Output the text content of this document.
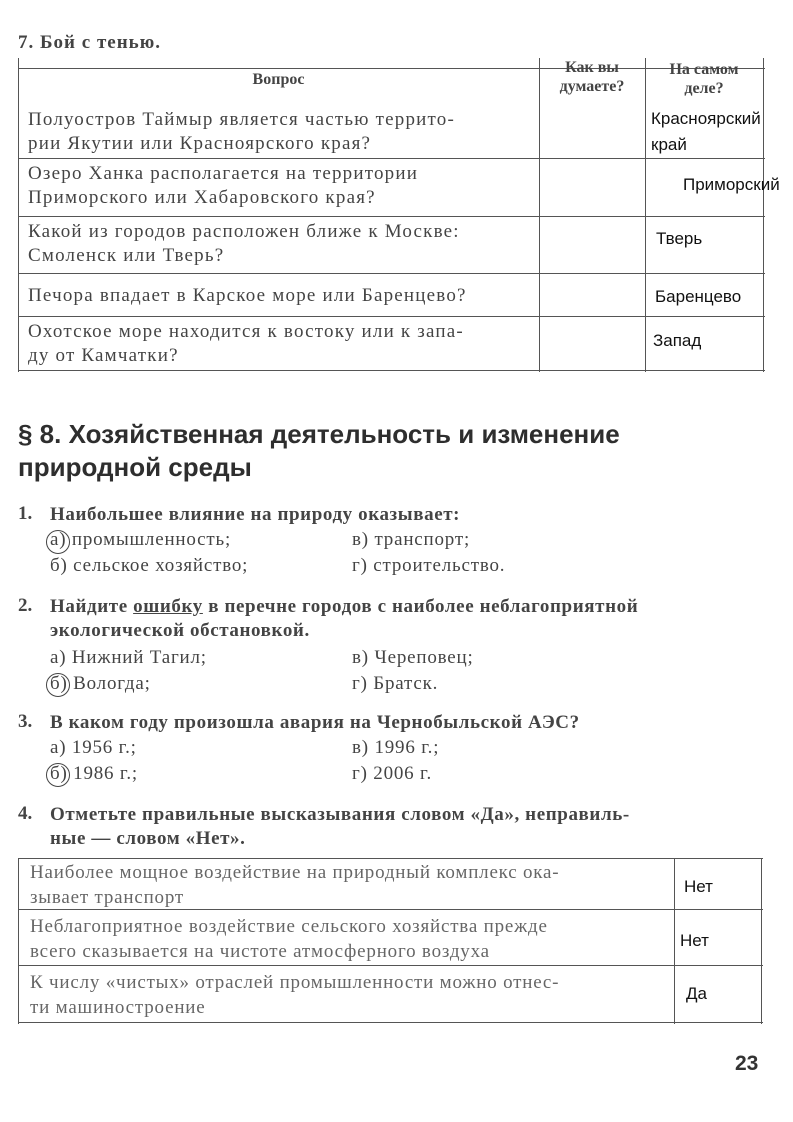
7. Бой с тенью.
Вопрос
Как вы
думаете?
На самом
деле?
Полуостров Таймыр является частью террито-
рии Якутии или Красноярского края?
Красноярский
край
Озеро Ханка располагается на территории
Приморского или Хабаровского края?
Приморский
Какой из городов расположен ближе к Москве:
Смоленск или Тверь?
Тверь
Печора впадает в Карское море или Баренцево?	Баренцево
Охотское море находится к востоку или к запа-
ду от Камчатки?
Запад
§ 8. Хозяйственная деятельность и изменение
природной среды
1. Наибольшее влияние на природу оказывает:
а) промышленность;
б) сельское хозяйство;
в) транспорт;
г) строительство.
2. Найдите ошибку в перечне городов с наиболее неблагоприятной
экологической обстановкой.
а) Нижний Тагил;
б) Вологда;
в) Череповец;
г) Братск.
3. В каком году произошла авария на Чернобыльской АЭС?
а) 1956 г.;
б) 1986 г.;
в) 1996 г.;
г) 2006 г.
4. Отметьте правильные высказывания словом «Да», неправиль-
ные — словом «Нет».
Наиболее мощное воздействие на природный комплекс ока-
зывает транспорт
Нет
Неблагоприятное воздействие сельского хозяйства прежде
всего сказывается на чистоте атмосферного воздуха
Нет
К числу «чистых» отраслей промышленности можно отнес-
ти машиностроение
Да
23
